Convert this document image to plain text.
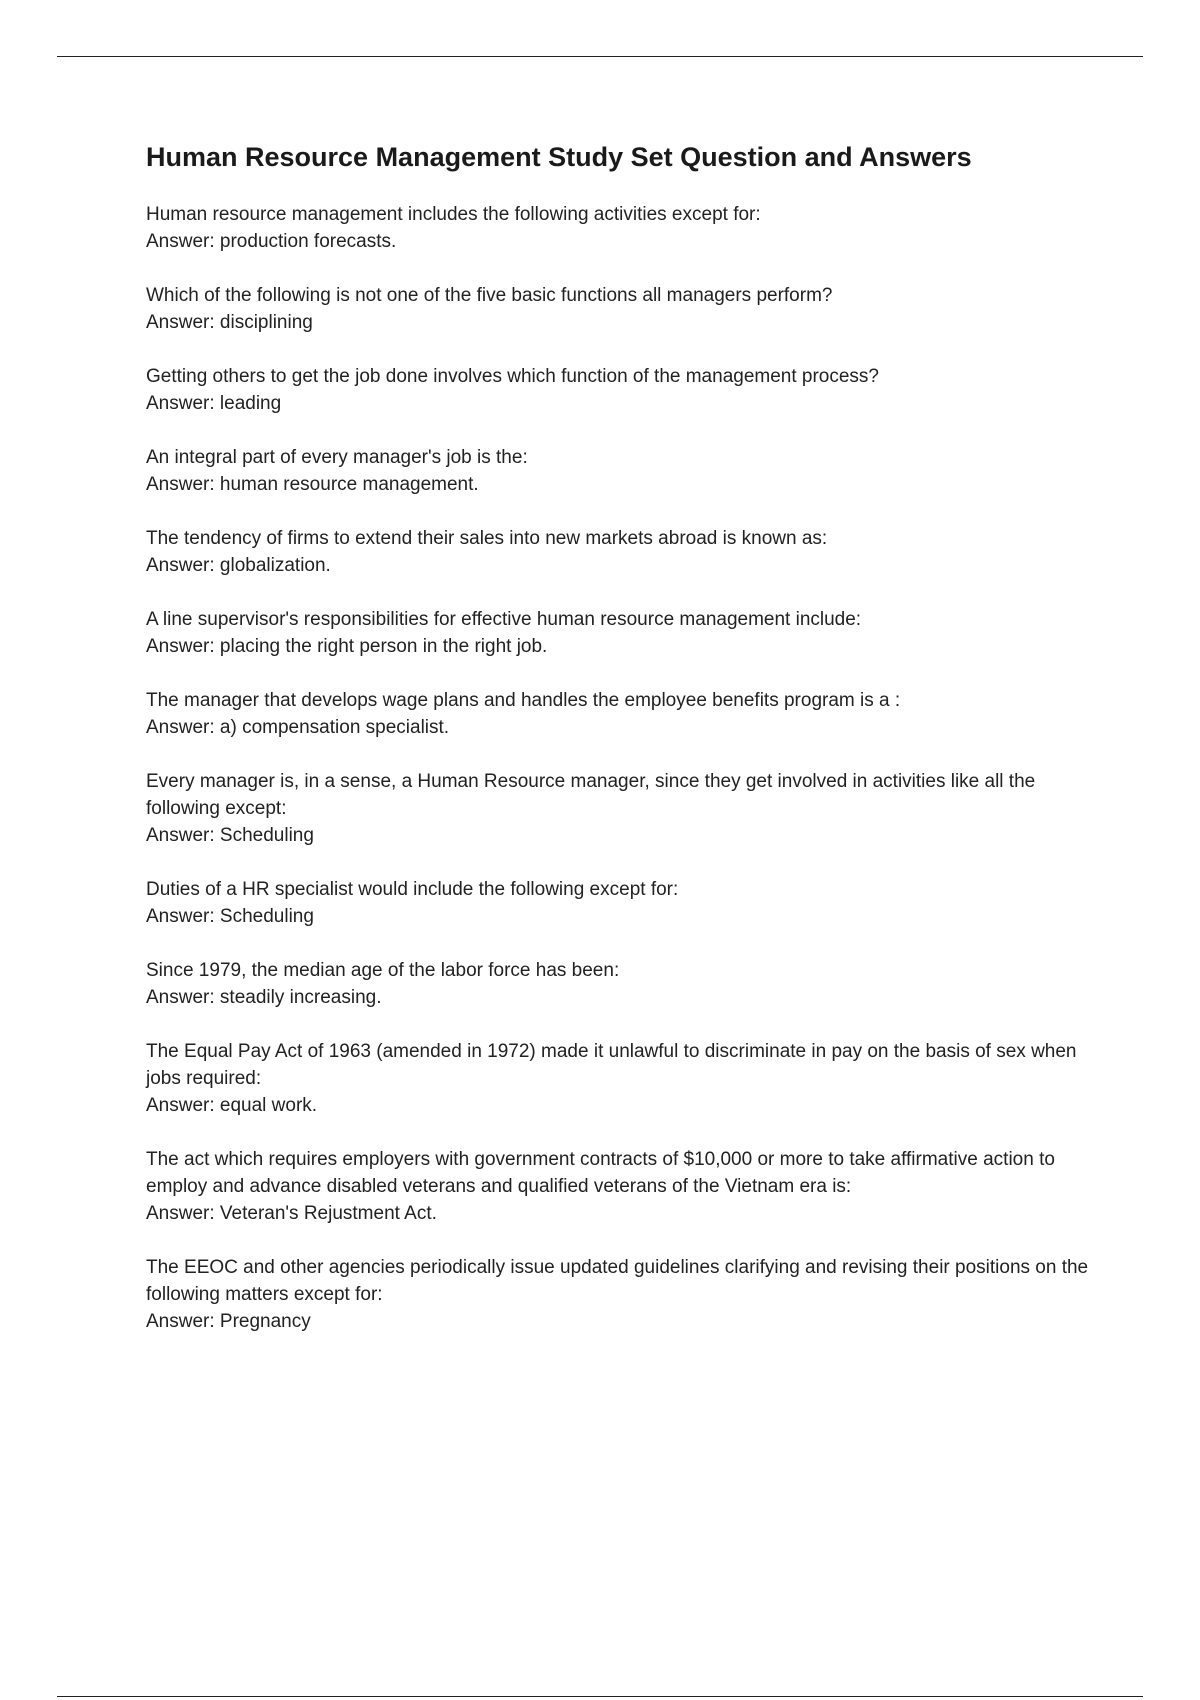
Human Resource Management Study Set Question and Answers

Human resource management includes the following activities except for:

Answer: production forecasts.

Which of the following is not one of the five basic functions all managers perform?

Answer: disciplining

Getting others to get the job done involves which function of the management process?

Answer: leading

An integral part of every manager's job is the:

Answer: human resource management.

The tendency of firms to extend their sales into new markets abroad is known as:

Answer: globalization.

A line supervisor's responsibilities for effective human resource management include:

Answer: placing the right person in the right job.

The manager that develops wage plans and handles the employee benefits program is a :

Answer: a) compensation specialist.

Every manager is, in a sense, a Human Resource manager, since they get involved in activities like all the following except:

Answer: Scheduling

Duties of a HR specialist would include the following except for:

Answer: Scheduling

Since 1979, the median age of the labor force has been:

Answer: steadily increasing.

The Equal Pay Act of 1963 (amended in 1972) made it unlawful to discriminate in pay on the basis of sex when jobs required:

Answer: equal work.

The act which requires employers with government contracts of $10,000 or more to take affirmative action to employ and advance disabled veterans and qualified veterans of the Vietnam era is:

Answer: Veteran's Rejustment Act.

The EEOC and other agencies periodically issue updated guidelines clarifying and revising their positions on the following matters except for:

Answer: Pregnancy
